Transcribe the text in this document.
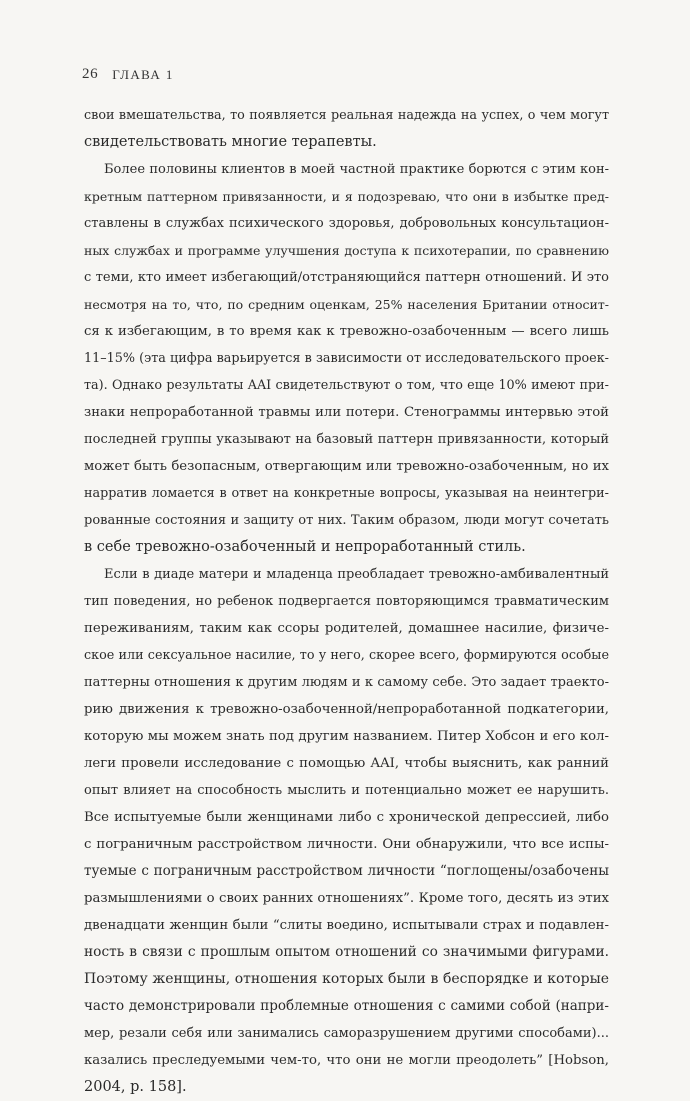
26 ГЛАВА 1
свои вмешательства, то появляется реальная надежда на успех, о чем могут
свидетельствовать многие терапевты.
Более половины клиентов в моей частной практике борются с этим кон-
кретным паттерном привязанности, и я подозреваю, что они в избытке пред-
ставлены в службах психического здоровья, добровольных консультацион-
ных службах и программе улучшения доступа к психотерапии, по сравнению
с теми, кто имеет избегающий/отстраняющийся паттерн отношений. И это
несмотря на то, что, по средним оценкам, 25% населения Британии относит-
ся к избегающим, в то время как к тревожно-озабоченным — всего лишь
11–15% (эта цифра варьируется в зависимости от исследовательского проек-
та). Однако результаты AAI свидетельствуют о том, что еще 10% имеют при-
знаки непроработанной травмы или потери. Стенограммы интервью этой
последней группы указывают на базовый паттерн привязанности, который
может быть безопасным, отвергающим или тревожно-озабоченным, но их
нарратив ломается в ответ на конкретные вопросы, указывая на неинтегри-
рованные состояния и защиту от них. Таким образом, люди могут сочетать
в себе тревожно-озабоченный и непроработанный стиль.
Если в диаде матери и младенца преобладает тревожно-амбивалентный
тип поведения, но ребенок подвергается повторяющимся травматическим
переживаниям, таким как ссоры родителей, домашнее насилие, физиче-
ское или сексуальное насилие, то у него, скорее всего, формируются особые
паттерны отношения к другим людям и к самому себе. Это задает траекто-
рию движения к тревожно-озабоченной/непроработанной подкатегории,
которую мы можем знать под другим названием. Питер Хобсон и его кол-
леги провели исследование с помощью AAI, чтобы выяснить, как ранний
опыт влияет на способность мыслить и потенциально может ее нарушить.
Все испытуемые были женщинами либо с хронической депрессией, либо
с пограничным расстройством личности. Они обнаружили, что все испы-
туемые с пограничным расстройством личности “поглощены/озабочены
размышлениями о своих ранних отношениях”. Кроме того, десять из этих
двенадцати женщин были “слиты воедино, испытывали страх и подавлен-
ность в связи с прошлым опытом отношений со значимыми фигурами.
Поэтому женщины, отношения которых были в беспорядке и которые
часто демонстрировали проблемные отношения с самими собой (напри-
мер, резали себя или занимались саморазрушением другими способами)...
казались преследуемыми чем-то, что они не могли преодолеть” [Hobson,
2004, p. 158].
